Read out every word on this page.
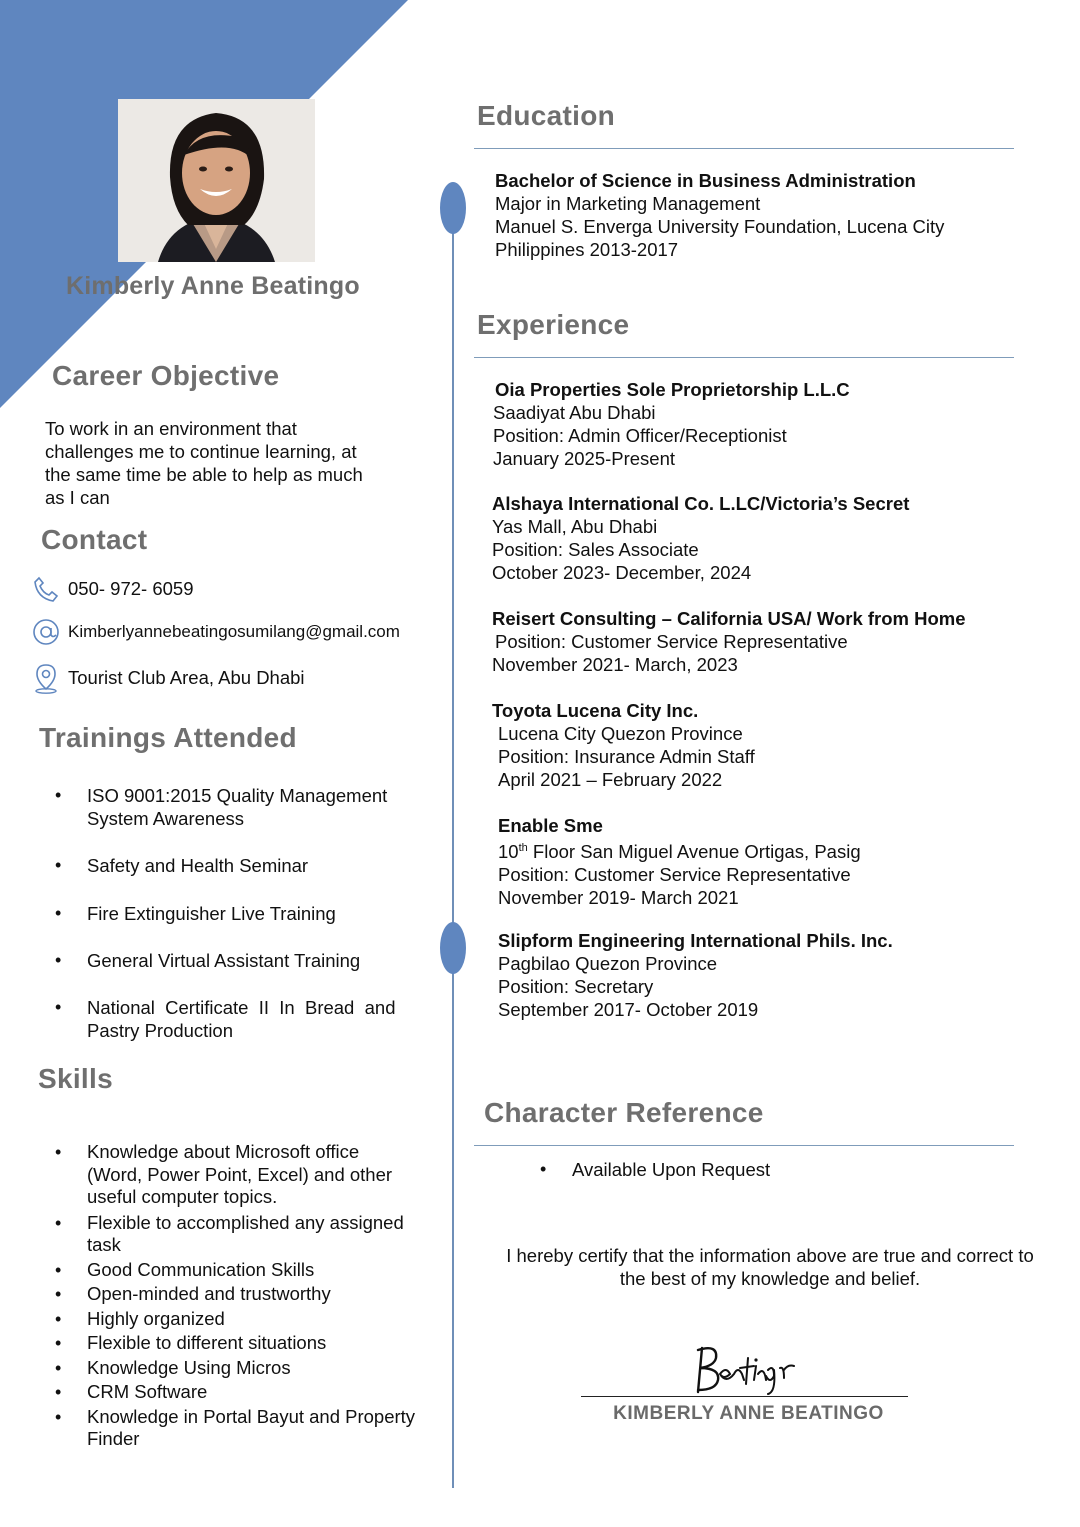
Kimberly Anne Beatingo
Career Objective
To work in an environment that
challenges me to continue learning, at
the same time be able to help as much
as I can
Contact
050- 972- 6059
Kimberlyannebeatingosumilang@gmail.com
Tourist Club Area, Abu Dhabi
Trainings Attended
• ISO 9001:2015 Quality Management
System Awareness
• Safety and Health Seminar
• Fire Extinguisher Live Training
• General Virtual Assistant Training
• National  Certificate  II  In  Bread  and
Pastry Production
Skills
• Knowledge about Microsoft office
(Word, Power Point, Excel) and other
useful computer topics.
• Flexible to accomplished any assigned
task
• Good Communication Skills
• Open-minded and trustworthy
• Highly organized
• Flexible to different situations
• Knowledge Using Micros
• CRM Software
• Knowledge in Portal Bayut and Property
Finder
Education
Bachelor of Science in Business Administration
Major in Marketing Management
Manuel S. Enverga University Foundation, Lucena City
Philippines 2013-2017
Experience
Oia Properties Sole Proprietorship L.L.C
Saadiyat Abu Dhabi
Position: Admin Officer/Receptionist
January 2025-Present
Alshaya International Co. L.LC/Victoria’s Secret
Yas Mall, Abu Dhabi
Position: Sales Associate
October 2023- December, 2024
Reisert Consulting – California USA/ Work from Home
Position: Customer Service Representative
November 2021- March, 2023
Toyota Lucena City Inc.
Lucena City Quezon Province
Position: Insurance Admin Staff
April 2021 – February 2022
Enable Sme
10th Floor San Miguel Avenue Ortigas, Pasig
Position: Customer Service Representative
November 2019- March 2021
Slipform Engineering International Phils. Inc.
Pagbilao Quezon Province
Position: Secretary
September 2017- October 2019
Character Reference
• Available Upon Request
I hereby certify that the information above are true and correct to
the best of my knowledge and belief.
KIMBERLY ANNE BEATINGO
